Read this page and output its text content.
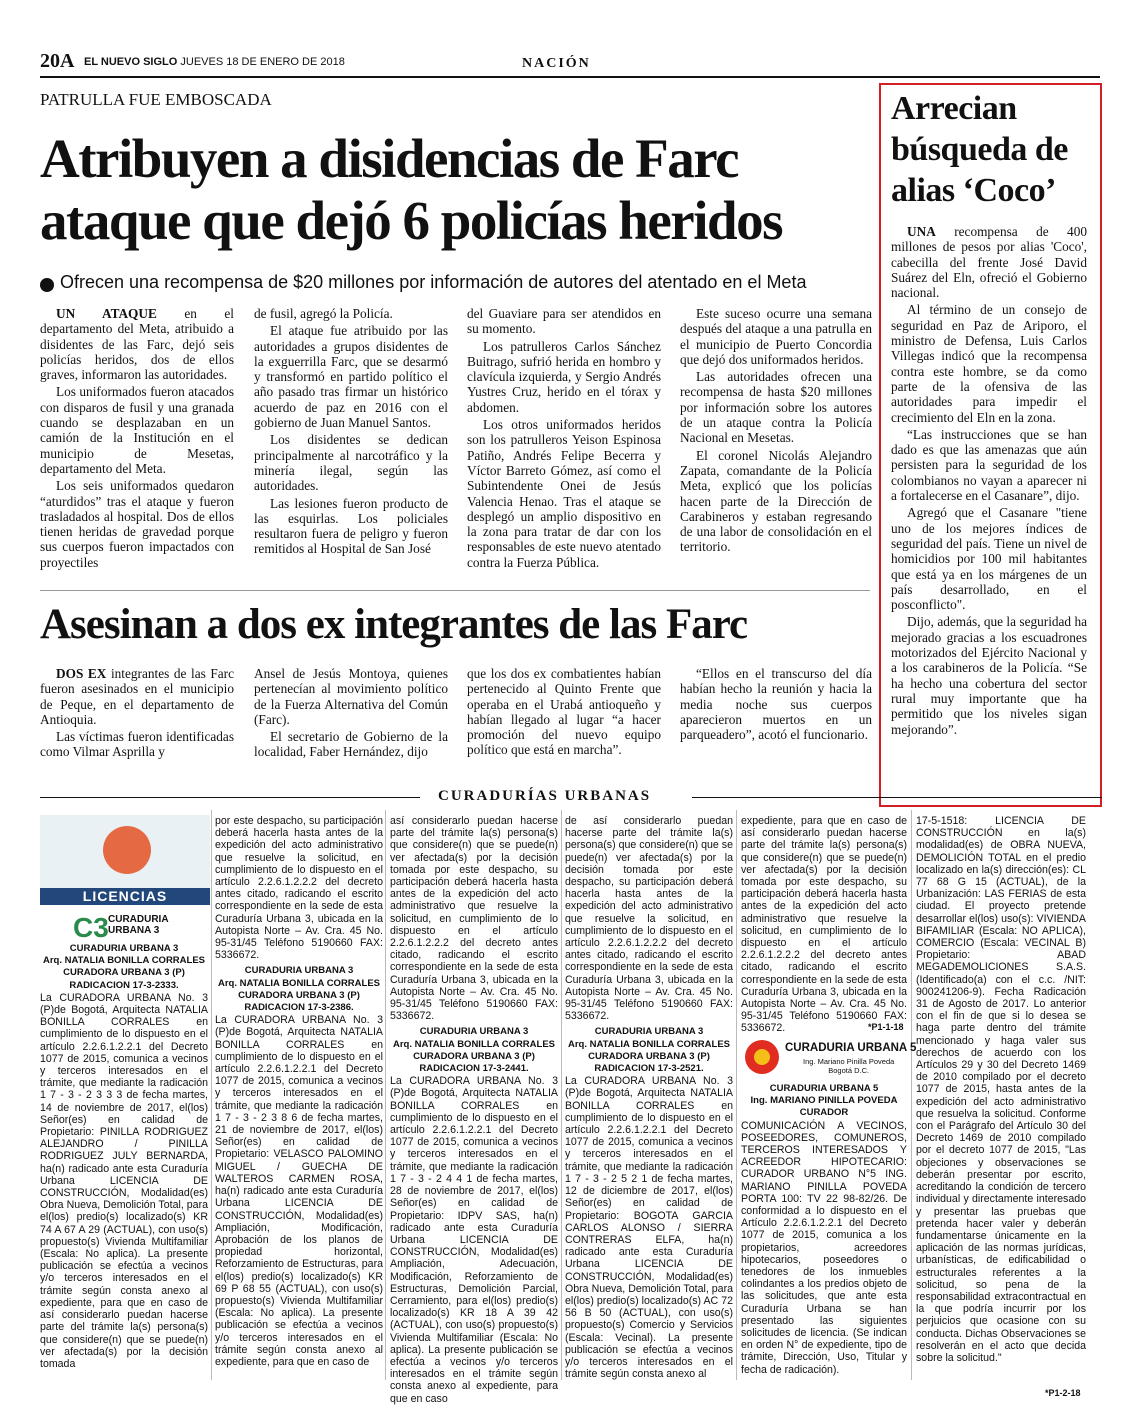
20A EL NUEVO SIGLO JUEVES 18 DE ENERO DE 2018	NACIÓN
PATRULLA FUE EMBOSCADA
Atribuyen a disidencias de Farc
ataque que dejó 6 policías heridos
Ofrecen una recompensa de $20 millones por información de autores del atentado en el Meta

UN ATAQUE en el departamento del Meta, atribuido a disidentes de las Farc, dejó seis policías heridos, dos de ellos graves, informaron las autoridades.

Los uniformados fueron atacados con disparos de fusil y una granada cuando se desplazaban en un camión de la Institución en el municipio de Mesetas, departamento del Meta.

Los seis uniformados quedaron “aturdidos” tras el ataque y fueron trasladados al hospital. Dos de ellos tienen heridas de gravedad porque sus cuerpos fueron impactados con proyectiles

de fusil, agregó la Policía.

El ataque fue atribuido por las autoridades a grupos disidentes de la exguerrilla Farc, que se desarmó y transformó en partido político el año pasado tras firmar un histórico acuerdo de paz en 2016 con el gobierno de Juan Manuel Santos.

Los disidentes se dedican principalmente al narcotráfico y la minería ilegal, según las autoridades.

Las lesiones fueron producto de las esquirlas. Los policiales resultaron fuera de peligro y fueron remitidos al Hospital de San José

del Guaviare para ser atendidos en su momento.

Los patrulleros Carlos Sánchez Buitrago, sufrió herida en hombro y clavícula izquierda, y Sergio Andrés Yustres Cruz, herido en el tórax y abdomen.

Los otros uniformados heridos son los patrulleros Yeison Espinosa Patiño, Andrés Felipe Becerra y Víctor Barreto Gómez, así como el Subintendente Onei de Jesús Valencia Henao. Tras el ataque se desplegó un amplio dispositivo en la zona para tratar de dar con los responsables de este nuevo atentado contra la Fuerza Pública.

Este suceso ocurre una semana después del ataque a una patrulla en el municipio de Puerto Concordia que dejó dos uniformados heridos.

Las autoridades ofrecen una recompensa de hasta $20 millones por información sobre los autores de un ataque contra la Policía Nacional en Mesetas.

El coronel Nicolás Alejandro Zapata, comandante de la Policía Meta, explicó que los policías hacen parte de la Dirección de Carabineros y estaban regresando de una labor de consolidación en el territorio.

Asesinan a dos ex integrantes de las Farc

DOS EX integrantes de las Farc fueron asesinados en el municipio de Peque, en el departamento de Antioquia.

Las víctimas fueron identificadas como Vilmar Asprilla y

Ansel de Jesús Montoya, quienes pertenecían al movimiento político de la Fuerza Alternativa del Común (Farc).

El secretario de Gobierno de la localidad, Faber Hernández, dijo

que los dos ex combatientes habían pertenecido al Quinto Frente que operaba en el Urabá antioqueño y habían llegado al lugar “a hacer promoción del nuevo equipo político que está en marcha”.

“Ellos en el transcurso del día habían hecho la reunión y hacia la media noche sus cuerpos aparecieron muertos en un parqueadero”, acotó el funcionario.

Arrecian búsqueda de alias ‘Coco’

UNA recompensa de 400 millones de pesos por alias 'Coco', cabecilla del frente José David Suárez del Eln, ofreció el Gobierno nacional.

Al término de un consejo de seguridad en Paz de Ariporo, el ministro de Defensa, Luis Carlos Villegas indicó que la recompensa contra este hombre, se da como parte de la ofensiva de las autoridades para impedir el crecimiento del Eln en la zona.

“Las instrucciones que se han dado es que las amenazas que aún persisten para la seguridad de los colombianos no vayan a aparecer ni a fortalecerse en el Casanare”, dijo.

Agregó que el Casanare "tiene uno de los mejores índices de seguridad del país. Tiene un nivel de homicidios por 100 mil habitantes que está ya en los márgenes de un país desarrollado, en el posconflicto".

Dijo, además, que la seguridad ha mejorado gracias a los escuadrones motorizados del Ejército Nacional y a los carabineros de la Policía. “Se ha hecho una cobertura del sector rural muy importante que ha permitido que los niveles sigan mejorando”.

CURADURÍAS URBANAS
LICENCIAS
C3 CURADURIA URBANA 3

CURADURIA URBANA 3

Arq. NATALIA BONILLA CORRALES

CURADORA URBANA 3 (P)

RADICACION 17-3-2333.

La CURADORA URBANA No. 3 (P)de Bogotá, Arquitecta NATALIA BONILLA CORRALES en cumplimiento de lo dispuesto en el artículo 2.2.6.1.2.2.1 del Decreto 1077 de 2015, comunica a vecinos y terceros interesados en el trámite, que mediante la radicación 1 7 - 3 - 2 3 3 3 de fecha martes, 14 de noviembre de 2017, el(los) Señor(es) en calidad de Propietario: PINILLA RODRIGUEZ ALEJANDRO / PINILLA RODRIGUEZ JULY BERNARDA, ha(n) radicado ante esta Curaduría Urbana LICENCIA DE CONSTRUCCIÓN, Modalidad(es) Obra Nueva, Demolición Total, para el(los) predio(s) localizado(s) KR 74 A 67 A 29 (ACTUAL), con uso(s) propuesto(s) Vivienda Multifamiliar (Escala: No aplica). La presente publicación se efectúa a vecinos y/o terceros interesados en el trámite según consta anexo al expediente, para que en caso de así considerarlo puedan hacerse parte del trámite la(s) persona(s) que considere(n) que se puede(n) ver afectada(s) por la decisión tomada

por este despacho, su participación deberá hacerla hasta antes de la expedición del acto administrativo que resuelve la solicitud, en cumplimiento de lo dispuesto en el artículo 2.2.6.1.2.2.2 del decreto antes citado, radicando el escrito correspondiente en la sede de esta Curaduría Urbana 3, ubicada en la Autopista Norte – Av. Cra. 45 No. 95-31/45 Teléfono 5190660 FAX: 5336672.

CURADURIA URBANA 3

Arq. NATALIA BONILLA CORRALES

CURADORA URBANA 3 (P)

RADICACION 17-3-2386.

La CURADORA URBANA No. 3 (P)de Bogotá, Arquitecta NATALIA BONILLA CORRALES en cumplimiento de lo dispuesto en el artículo 2.2.6.1.2.2.1 del Decreto 1077 de 2015, comunica a vecinos y terceros interesados en el trámite, que mediante la radicación 1 7 - 3 - 2 3 8 6 de fecha martes, 21 de noviembre de 2017, el(los) Señor(es) en calidad de Propietario: VELASCO PALOMINO MIGUEL / GUECHA DE WALTEROS CARMEN ROSA, ha(n) radicado ante esta Curaduría Urbana LICENCIA DE CONSTRUCCIÓN, Modalidad(es) Ampliación, Modificación, Aprobación de los planos de propiedad horizontal, Reforzamiento de Estructuras, para el(los) predio(s) localizado(s) KR 69 P 68 55 (ACTUAL), con uso(s) propuesto(s) Vivienda Multifamiliar (Escala: No aplica). La presente publicación se efectúa a vecinos y/o terceros interesados en el trámite según consta anexo al expediente, para que en caso de

así considerarlo puedan hacerse parte del trámite la(s) persona(s) que considere(n) que se puede(n) ver afectada(s) por la decisión tomada por este despacho, su participación deberá hacerla hasta antes de la expedición del acto administrativo que resuelve la solicitud, en cumplimiento de lo dispuesto en el artículo 2.2.6.1.2.2.2 del decreto antes citado, radicando el escrito correspondiente en la sede de esta Curaduría Urbana 3, ubicada en la Autopista Norte – Av. Cra. 45 No. 95-31/45 Teléfono 5190660 FAX: 5336672.

CURADURIA URBANA 3

Arq. NATALIA BONILLA CORRALES

CURADORA URBANA 3 (P)

RADICACION 17-3-2441.

La CURADORA URBANA No. 3 (P)de Bogotá, Arquitecta NATALIA BONILLA CORRALES en cumplimiento de lo dispuesto en el artículo 2.2.6.1.2.2.1 del Decreto 1077 de 2015, comunica a vecinos y terceros interesados en el trámite, que mediante la radicación 1 7 - 3 - 2 4 4 1 de fecha martes, 28 de noviembre de 2017, el(los) Señor(es) en calidad de Propietario: IDPV SAS, ha(n) radicado ante esta Curaduría Urbana LICENCIA DE CONSTRUCCIÓN, Modalidad(es) Ampliación, Adecuación, Modificación, Reforzamiento de Estructuras, Demolición Parcial, Cerramiento, para el(los) predio(s) localizado(s) KR 18 A 39 42 (ACTUAL), con uso(s) propuesto(s) Vivienda Multifamiliar (Escala: No aplica). La presente publicación se efectúa a vecinos y/o terceros interesados en el trámite según consta anexo al expediente, para que en caso

de así considerarlo puedan hacerse parte del trámite la(s) persona(s) que considere(n) que se puede(n) ver afectada(s) por la decisión tomada por este despacho, su participación deberá hacerla hasta antes de la expedición del acto administrativo que resuelve la solicitud, en cumplimiento de lo dispuesto en el artículo 2.2.6.1.2.2.2 del decreto antes citado, radicando el escrito correspondiente en la sede de esta Curaduría Urbana 3, ubicada en la Autopista Norte – Av. Cra. 45 No. 95-31/45 Teléfono 5190660 FAX: 5336672.

CURADURIA URBANA 3

Arq. NATALIA BONILLA CORRALES

CURADORA URBANA 3 (P)

RADICACION 17-3-2521.

La CURADORA URBANA No. 3 (P)de Bogotá, Arquitecta NATALIA BONILLA CORRALES en cumplimiento de lo dispuesto en el artículo 2.2.6.1.2.2.1 del Decreto 1077 de 2015, comunica a vecinos y terceros interesados en el trámite, que mediante la radicación 1 7 - 3 - 2 5 2 1 de fecha martes, 12 de diciembre de 2017, el(los) Señor(es) en calidad de Propietario: BOGOTA GARCIA CARLOS ALONSO / SIERRA CONTRERAS ELFA, ha(n) radicado ante esta Curaduría Urbana LICENCIA DE CONSTRUCCIÓN, Modalidad(es) Obra Nueva, Demolición Total, para el(los) predio(s) localizado(s) AC 72 56 B 50 (ACTUAL), con uso(s) propuesto(s) Comercio y Servicios (Escala: Vecinal). La presente publicación se efectúa a vecinos y/o terceros interesados en el trámite según consta anexo al

expediente, para que en caso de así considerarlo puedan hacerse parte del trámite la(s) persona(s) que considere(n) que se puede(n) ver afectada(s) por la decisión tomada por este despacho, su participación deberá hacerla hasta antes de la expedición del acto administrativo que resuelve la solicitud, en cumplimiento de lo dispuesto en el artículo 2.2.6.1.2.2.2 del decreto antes citado, radicando el escrito correspondiente en la sede de esta Curaduría Urbana 3, ubicada en la Autopista Norte – Av. Cra. 45 No. 95-31/45 Teléfono 5190660 FAX: 5336672.	*P1-1-18
CURADURIA URBANA 5
Ing. Mariano Pinilla Poveda
Bogotá D.C.

CURADURIA URBANA 5

Ing. MARIANO PINILLA POVEDA

CURADOR

COMUNICACIÓN A VECINOS, POSEEDORES, COMUNEROS, TERCEROS INTERESADOS Y ACREEDOR HIPOTECARIO: CURADOR URBANO N°5 ING. MARIANO PINILLA POVEDA PORTA 100: TV 22 98-82/26. De conformidad a lo dispuesto en el Artículo 2.2.6.1.2.2.1 del Decreto 1077 de 2015, comunica a los propietarios, acreedores hipotecarios, poseedores o tenedores de los inmuebles colindantes a los predios objeto de las solicitudes, que ante esta Curaduría Urbana se han presentado las siguientes solicitudes de licencia. (Se indican en orden N° de expediente, tipo de trámite, Dirección, Uso, Titular y fecha de radicación).

17-5-1518: LICENCIA DE CONSTRUCCIÓN en la(s) modalidad(es) de OBRA NUEVA, DEMOLICIÓN TOTAL en el predio localizado en la(s) dirección(es): CL 77 68 G 15 (ACTUAL), de la Urbanización: LAS FERIAS de esta ciudad. El proyecto pretende desarrollar el(los) uso(s): VIVIENDA BIFAMILIAR (Escala: NO APLICA), COMERCIO (Escala: VECINAL B) Propietario: ABAD MEGADEMOLICIONES S.A.S. (Identificado(a) con el c.c. /NIT: 900241206-9). Fecha Radicación 31 de Agosto de 2017. Lo anterior con el fin de que si lo desea se haga parte dentro del trámite mencionado y haga valer sus derechos de acuerdo con los Artículos 29 y 30 del Decreto 1469 de 2010 compilado por el decreto 1077 de 2015, hasta antes de la expedición del acto administrativo que resuelva la solicitud. Conforme con el Parágrafo del Artículo 30 del Decreto 1469 de 2010 compilado por el decreto 1077 de 2015, "Las objeciones y observaciones se deberán presentar por escrito, acreditando la condición de tercero individual y directamente interesado y presentar las pruebas que pretenda hacer valer y deberán fundamentarse únicamente en la aplicación de las normas jurídicas, urbanísticas, de edificabilidad o estructurales referentes a la solicitud, so pena de la responsabilidad extracontractual en la que podría incurrir por los perjuicios que ocasione con su conducta. Dichas Observaciones se resolverán en el acto que decida sobre la solicitud."

*P1-2-18
